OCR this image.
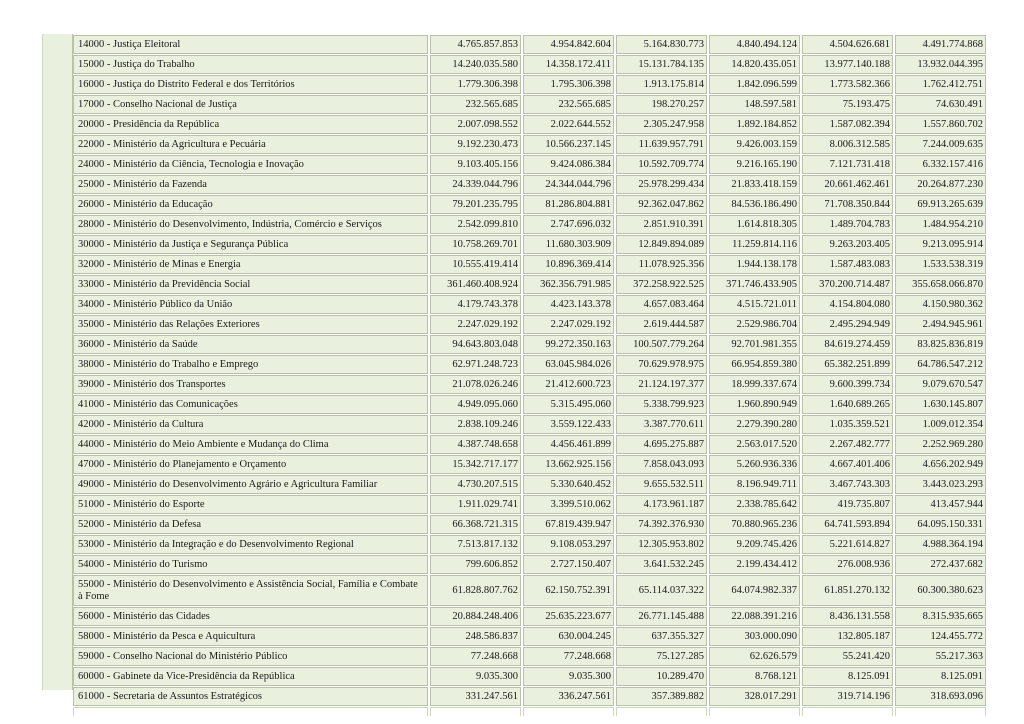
14000 - Justiça Eleitoral	4.765.857.853	4.954.842.604	5.164.830.773	4.840.494.124	4.504.626.681	4.491.774.868
15000 - Justiça do Trabalho	14.240.035.580	14.358.172.411	15.131.784.135	14.820.435.051	13.977.140.188	13.932.044.395
16000 - Justiça do Distrito Federal e dos Territórios	1.779.306.398	1.795.306.398	1.913.175.814	1.842.096.599	1.773.582.366	1.762.412.751
17000 - Conselho Nacional de Justiça	232.565.685	232.565.685	198.270.257	148.597.581	75.193.475	74.630.491
20000 - Presidência da República	2.007.098.552	2.022.644.552	2.305.247.958	1.892.184.852	1.587.082.394	1.557.860.702
22000 - Ministério da Agricultura e Pecuária	9.192.230.473	10.566.237.145	11.639.957.791	9.426.003.159	8.006.312.585	7.244.009.635
24000 - Ministério da Ciência, Tecnologia e Inovação	9.103.405.156	9.424.086.384	10.592.709.774	9.216.165.190	7.121.731.418	6.332.157.416
25000 - Ministério da Fazenda	24.339.044.796	24.344.044.796	25.978.299.434	21.833.418.159	20.661.462.461	20.264.877.230
26000 - Ministério da Educação	79.201.235.795	81.286.804.881	92.362.047.862	84.536.186.490	71.708.350.844	69.913.265.639
28000 - Ministério do Desenvolvimento, Indústria, Comércio e Serviços	2.542.099.810	2.747.696.032	2.851.910.391	1.614.818.305	1.489.704.783	1.484.954.210
30000 - Ministério da Justiça e Segurança Pública	10.758.269.701	11.680.303.909	12.849.894.089	11.259.814.116	9.263.203.405	9.213.095.914
32000 - Ministério de Minas e Energia	10.555.419.414	10.896.369.414	11.078.925.356	1.944.138.178	1.587.483.083	1.533.538.319
33000 - Ministério da Previdência Social	361.460.408.924	362.356.791.985	372.258.922.525	371.746.433.905	370.200.714.487	355.658.066.870
34000 - Ministério Público da União	4.179.743.378	4.423.143.378	4.657.083.464	4.515.721.011	4.154.804.080	4.150.980.362
35000 - Ministério das Relações Exteriores	2.247.029.192	2.247.029.192	2.619.444.587	2.529.986.704	2.495.294.949	2.494.945.961
36000 - Ministério da Saúde	94.643.803.048	99.272.350.163	100.507.779.264	92.701.981.355	84.619.274.459	83.825.836.819
38000 - Ministério do Trabalho e Emprego	62.971.248.723	63.045.984.026	70.629.978.975	66.954.859.380	65.382.251.899	64.786.547.212
39000 - Ministério dos Transportes	21.078.026.246	21.412.600.723	21.124.197.377	18.999.337.674	9.600.399.734	9.079.670.547
41000 - Ministério das Comunicações	4.949.095.060	5.315.495.060	5.338.799.923	1.960.890.949	1.640.689.265	1.630.145.807
42000 - Ministério da Cultura	2.838.109.246	3.559.122.433	3.387.770.611	2.279.390.280	1.035.359.521	1.009.012.354
44000 - Ministério do Meio Ambiente e Mudança do Clima	4.387.748.658	4.456.461.899	4.695.275.887	2.563.017.520	2.267.482.777	2.252.969.280
47000 - Ministério do Planejamento e Orçamento	15.342.717.177	13.662.925.156	7.858.043.093	5.260.936.336	4.667.401.406	4.656.202.949
49000 - Ministério do Desenvolvimento Agrário e Agricultura Familiar	4.730.207.515	5.330.640.452	9.655.532.511	8.196.949.711	3.467.743.303	3.443.023.293
51000 - Ministério do Esporte	1.911.029.741	3.399.510.062	4.173.961.187	2.338.785.642	419.735.807	413.457.944
52000 - Ministério da Defesa	66.368.721.315	67.819.439.947	74.392.376.930	70.880.965.236	64.741.593.894	64.095.150.331
53000 - Ministério da Integração e do Desenvolvimento Regional	7.513.817.132	9.108.053.297	12.305.953.802	9.209.745.426	5.221.614.827	4.988.364.194
54000 - Ministério do Turismo	799.606.852	2.727.150.407	3.641.532.245	2.199.434.412	276.008.936	272.437.682
55000 - Ministério do Desenvolvimento e Assistência Social, Família e Combate à Fome	61.828.807.762	62.150.752.391	65.114.037.322	64.074.982.337	61.851.270.132	60.300.380.623
56000 - Ministério das Cidades	20.884.248.406	25.635.223.677	26.771.145.488	22.088.391.216	8.436.131.558	8.315.935.665
58000 - Ministério da Pesca e Aquicultura	248.586.837	630.004.245	637.355.327	303.000.090	132.805.187	124.455.772
59000 - Conselho Nacional do Ministério Público	77.248.668	77.248.668	75.127.285	62.626.579	55.241.420	55.217.363
60000 - Gabinete da Vice-Presidência da República	9.035.300	9.035.300	10.289.470	8.768.121	8.125.091	8.125.091
61000 - Secretaria de Assuntos Estratégicos	331.247.561	336.247.561	357.389.882	328.017.291	319.714.196	318.693.096
